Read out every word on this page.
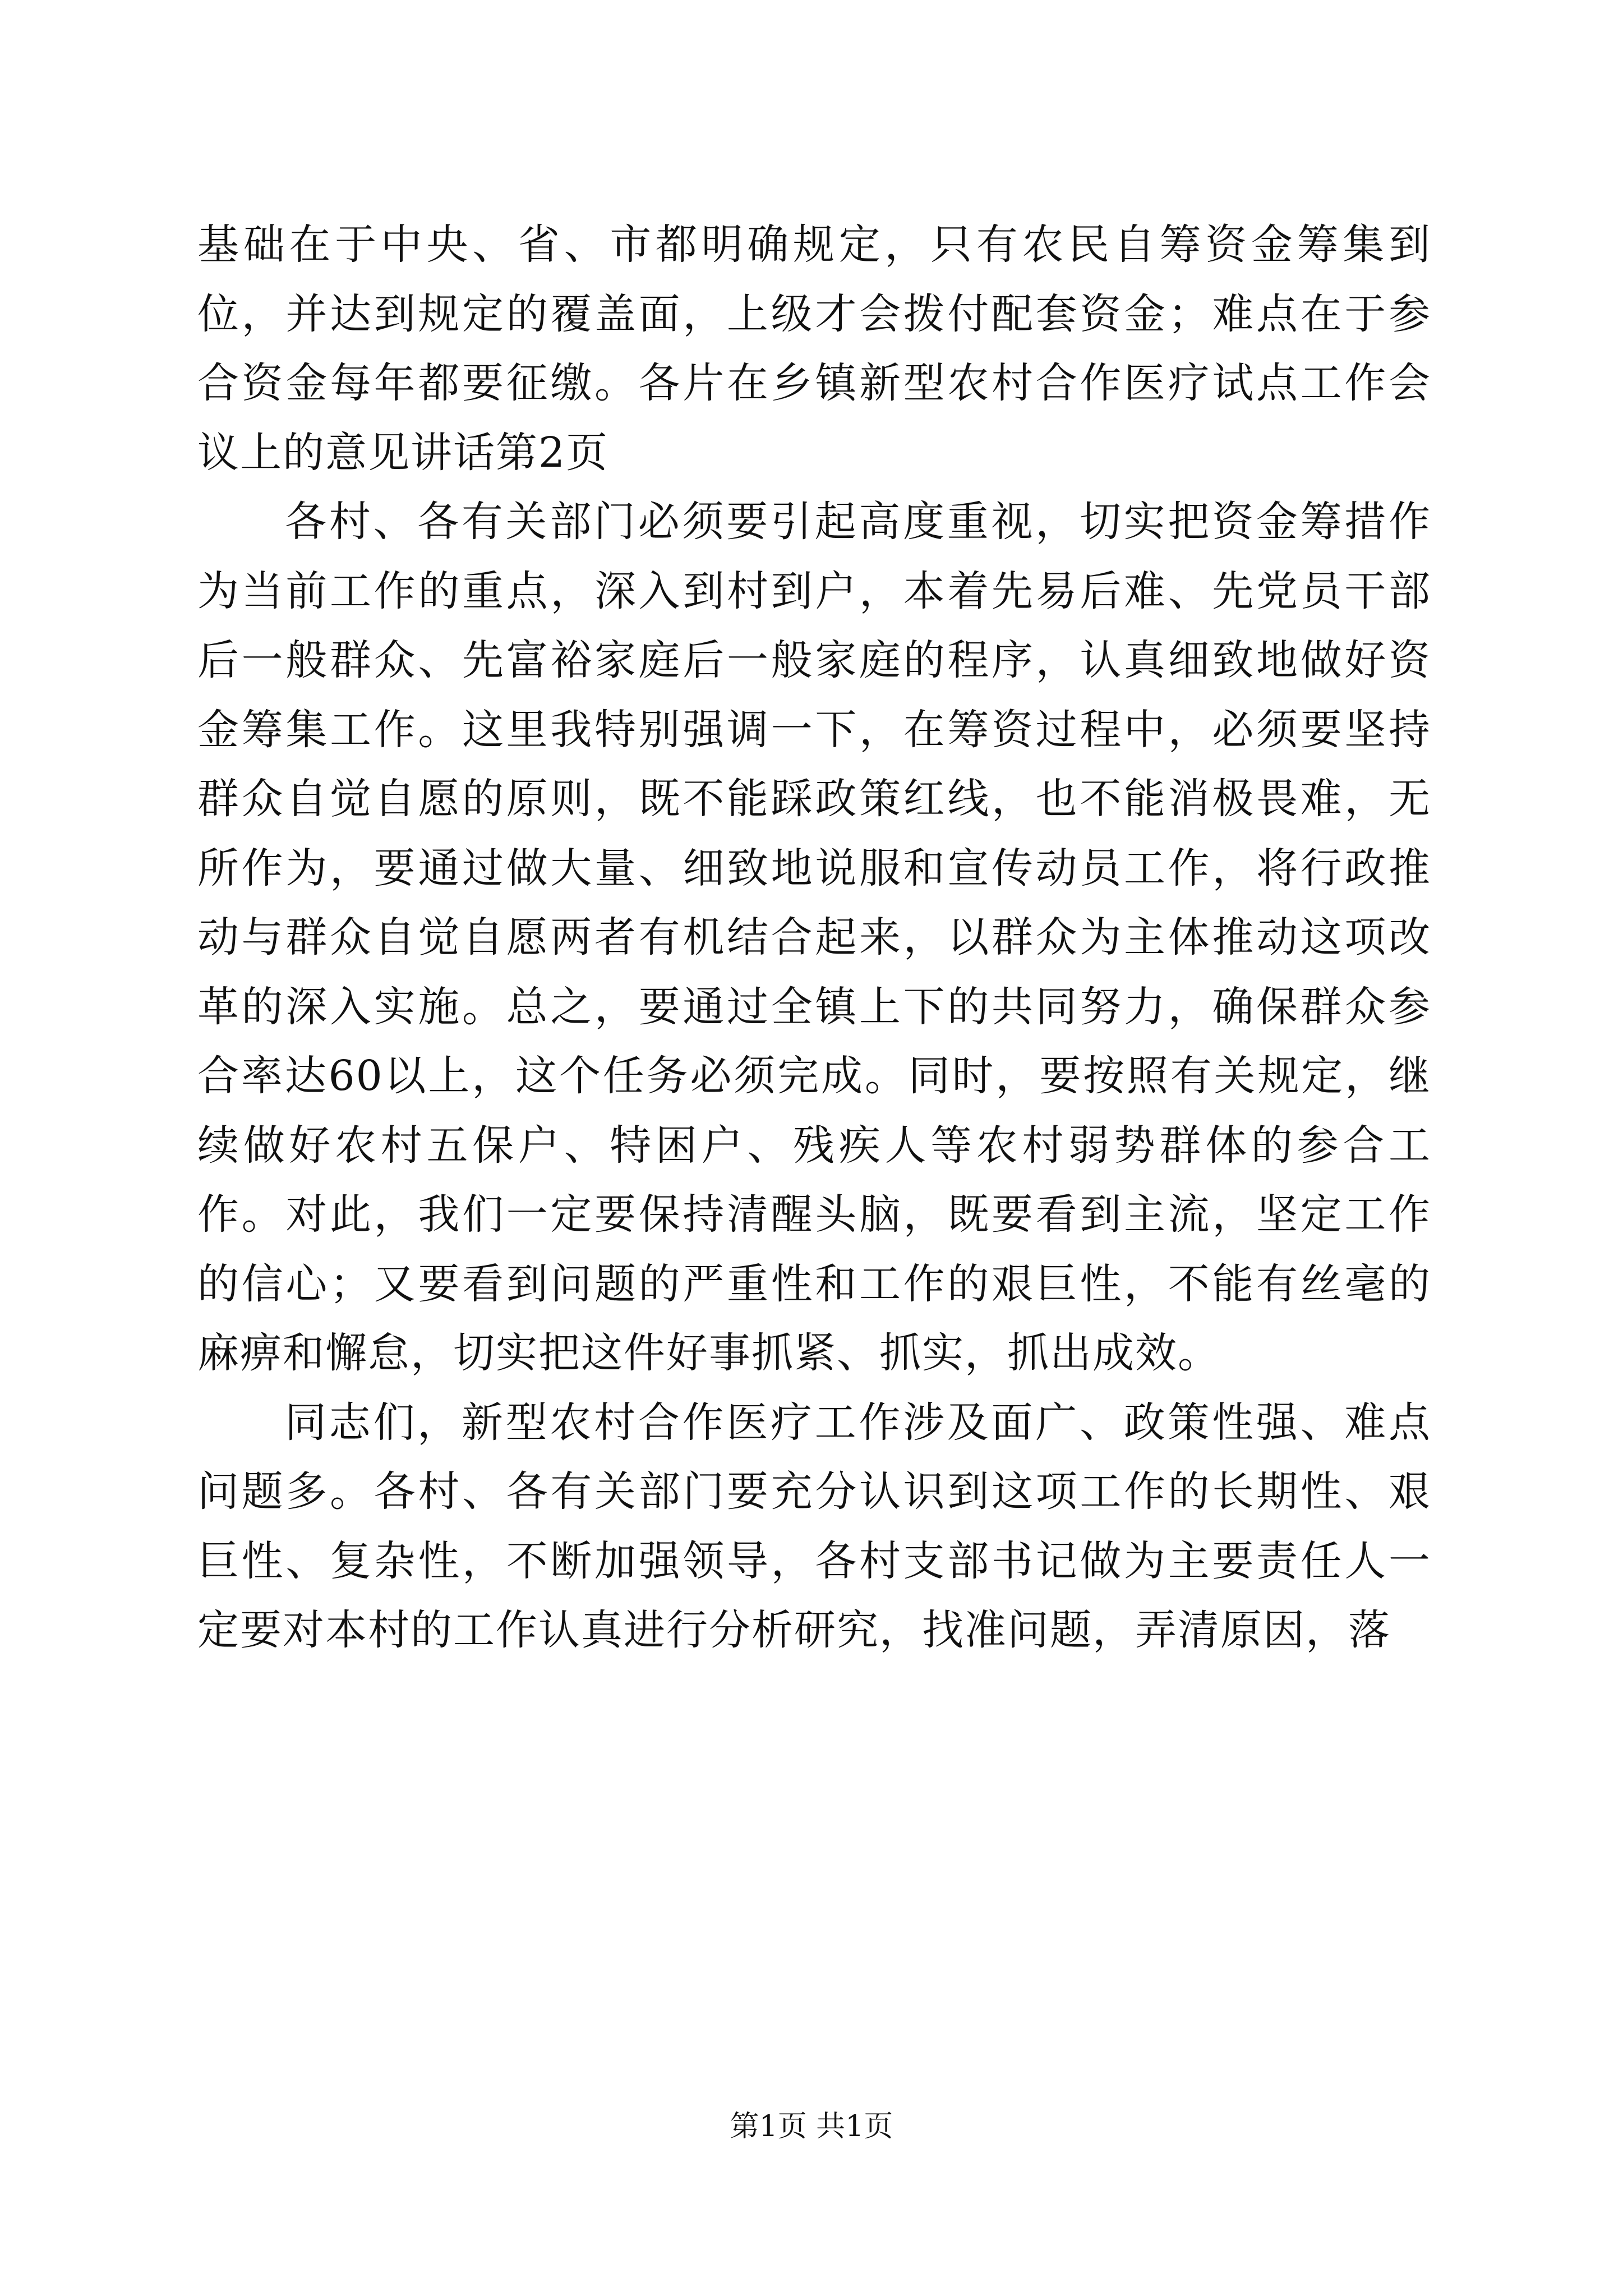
基础在于中央、省、市都明确规定，只有农民自筹资金筹集到位，并达到规定的覆盖面，上级才会拨付配套资金；难点在于参合资金每年都要征缴。各片在乡镇新型农村合作医疗试点工作会议上的意见讲话第2页

各村、各有关部门必须要引起高度重视，切实把资金筹措作为当前工作的重点，深入到村到户，本着先易后难、先党员干部后一般群众、先富裕家庭后一般家庭的程序，认真细致地做好资金筹集工作。这里我特别强调一下，在筹资过程中，必须要坚持群众自觉自愿的原则，既不能踩政策红线，也不能消极畏难，无所作为，要通过做大量、细致地说服和宣传动员工作，将行政推动与群众自觉自愿两者有机结合起来，以群众为主体推动这项改革的深入实施。总之，要通过全镇上下的共同努力，确保群众参合率达60以上，这个任务必须完成。同时，要按照有关规定，继续做好农村五保户、特困户、残疾人等农村弱势群体的参合工作。对此，我们一定要保持清醒头脑，既要看到主流，坚定工作的信心；又要看到问题的严重性和工作的艰巨性，不能有丝毫的麻痹和懈怠，切实把这件好事抓紧、抓实，抓出成效。

同志们，新型农村合作医疗工作涉及面广、政策性强、难点问题多。各村、各有关部门要充分认识到这项工作的长期性、艰巨性、复杂性，不断加强领导，各村支部书记做为主要责任人一定要对本村的工作认真进行分析研究，找准问题，弄清原因，落

第1页 共1页
